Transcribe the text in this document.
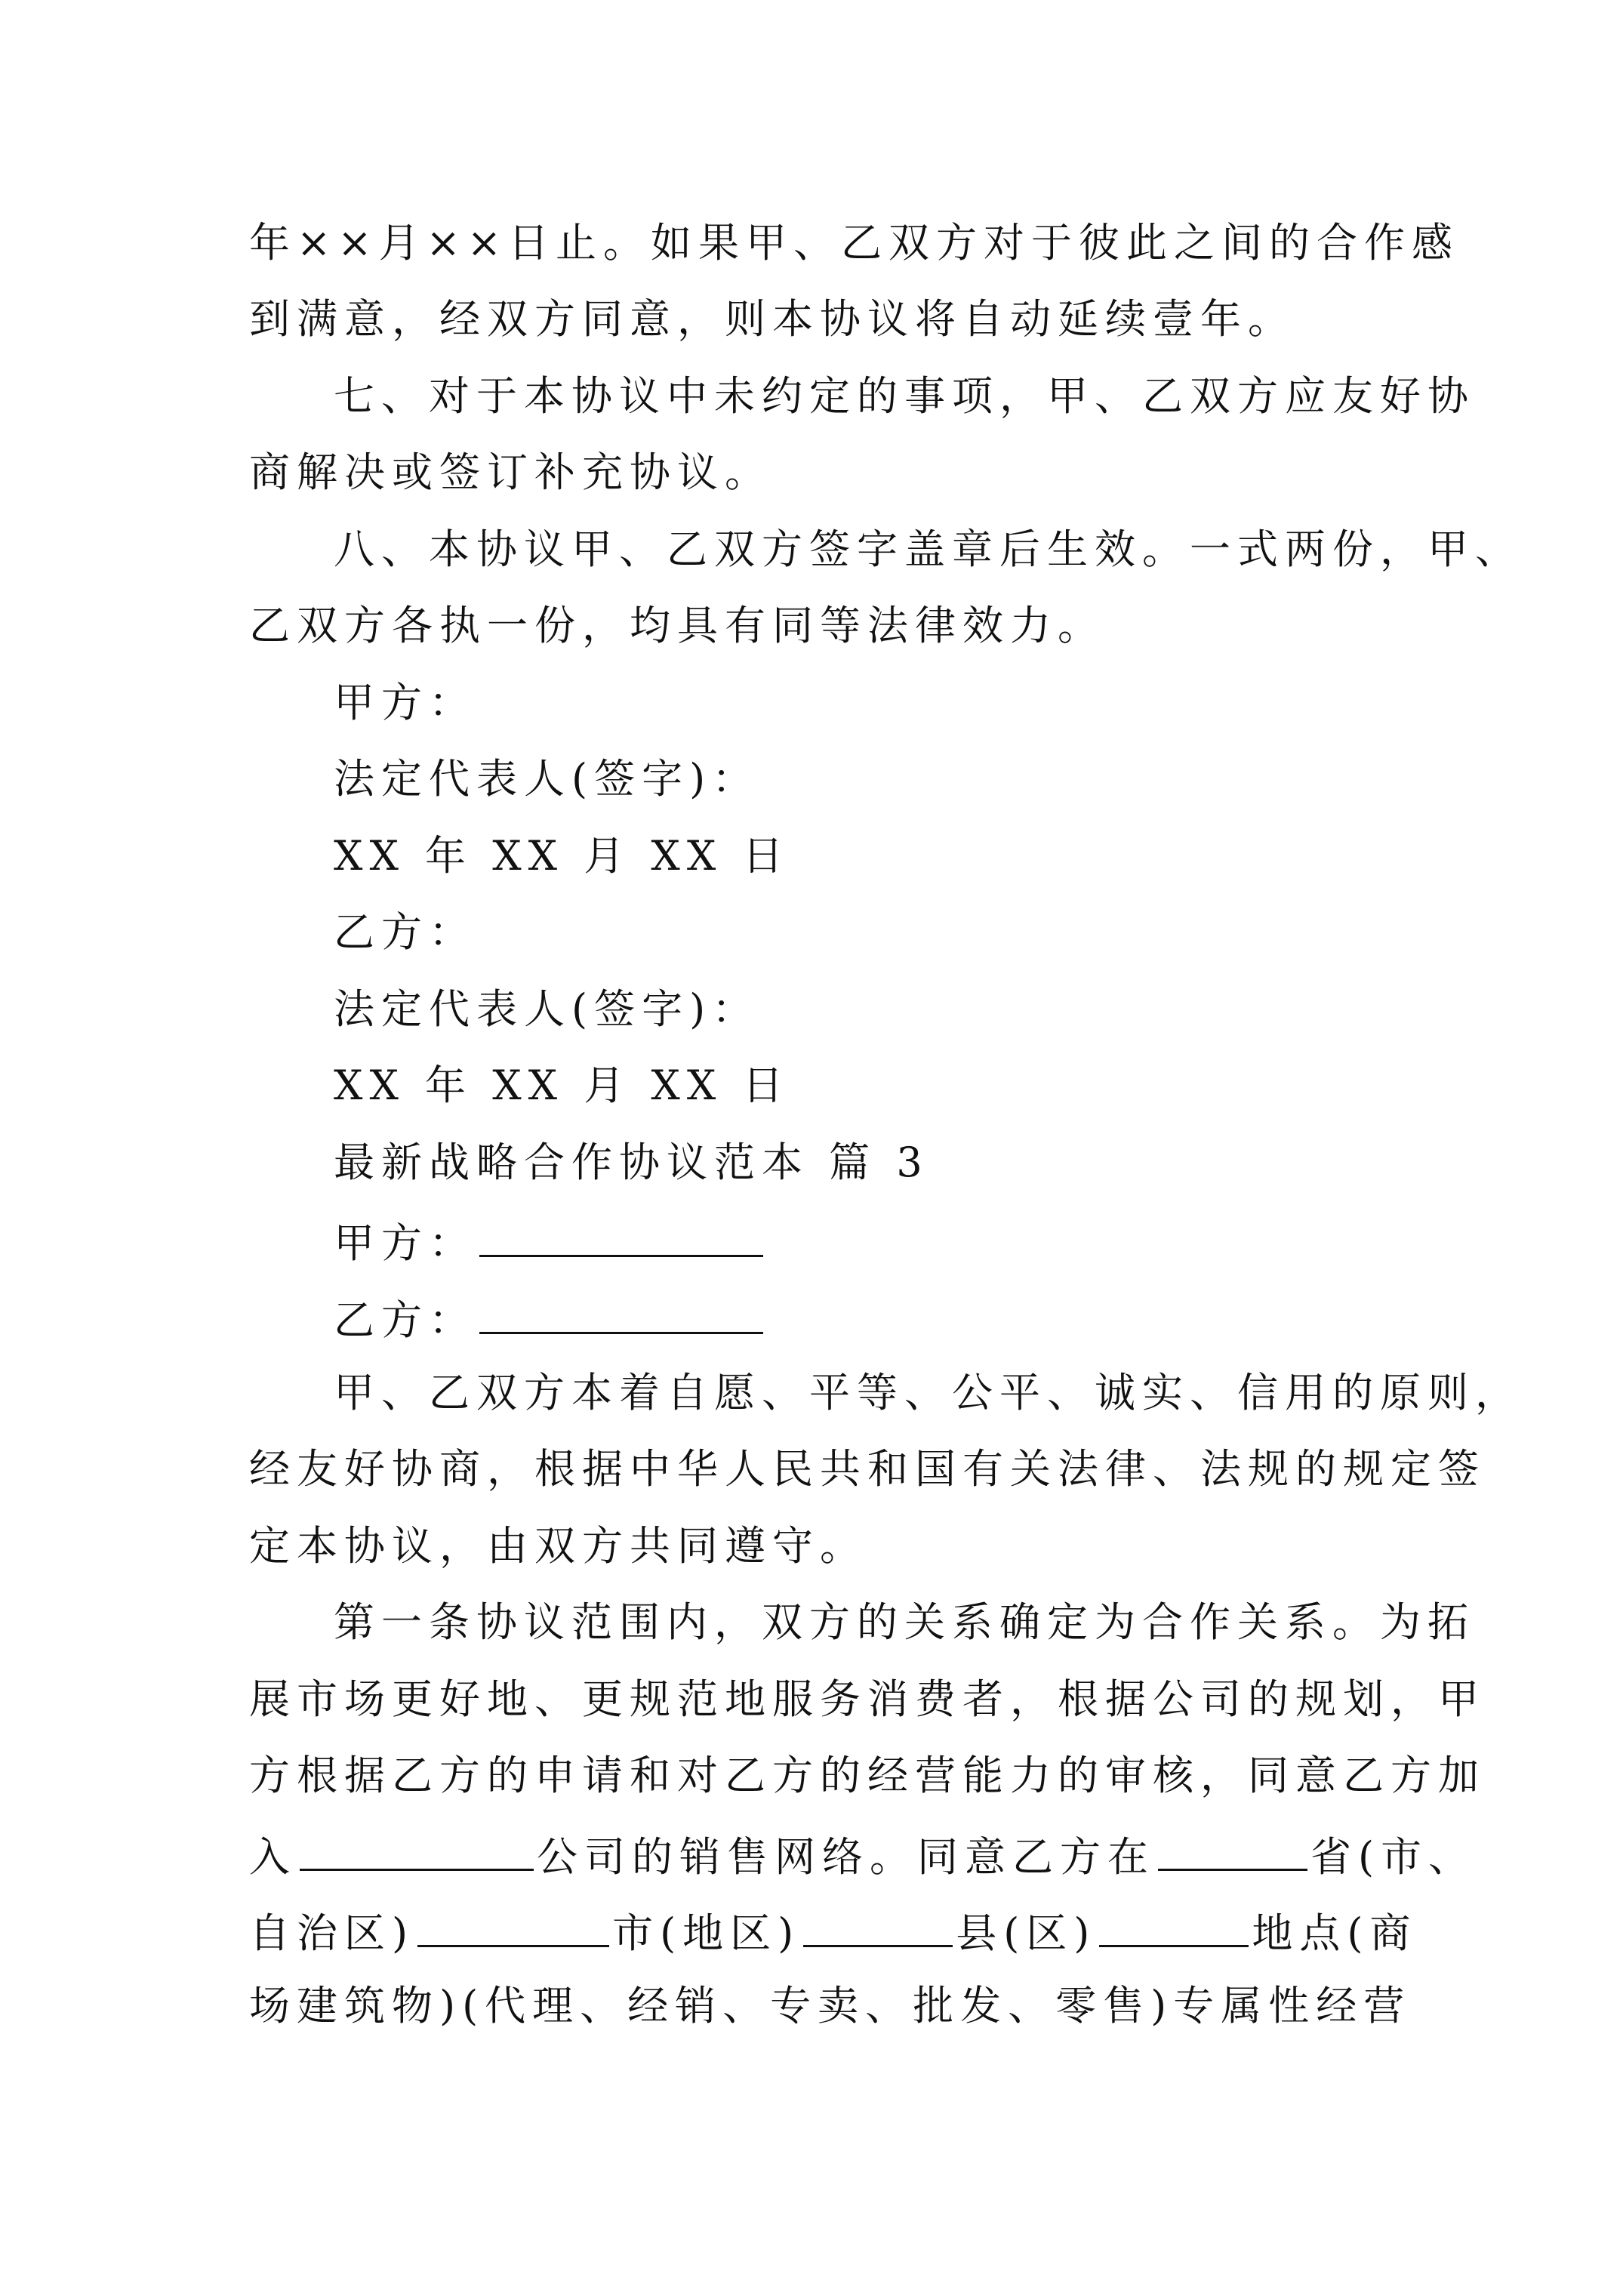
年××月××日止。如果甲、乙双方对于彼此之间的合作感
到满意，经双方同意，则本协议将自动延续壹年。
七、对于本协议中未约定的事项，甲、乙双方应友好协
商解决或签订补充协议。
八、本协议甲、乙双方签字盖章后生效。一式两份，甲、
乙双方各执一份，均具有同等法律效力。
甲方：
法定代表人(签字)：
XX 年 XX 月 XX 日
乙方：
法定代表人(签字)：
XX 年 XX 月 XX 日
最新战略合作协议范本 篇 3
甲方：
乙方：
甲、乙双方本着自愿、平等、公平、诚实、信用的原则，
经友好协商，根据中华人民共和国有关法律、法规的规定签
定本协议，由双方共同遵守。
第一条协议范围内，双方的关系确定为合作关系。为拓
展市场更好地、更规范地服务消费者，根据公司的规划，甲
方根据乙方的申请和对乙方的经营能力的审核，同意乙方加
入	公司的销售网络。同意乙方在	省(市、
自治区)	市(地区)	县(区)	地点(商
场建筑物)(代理、经销、专卖、批发、零售)专属性经营
